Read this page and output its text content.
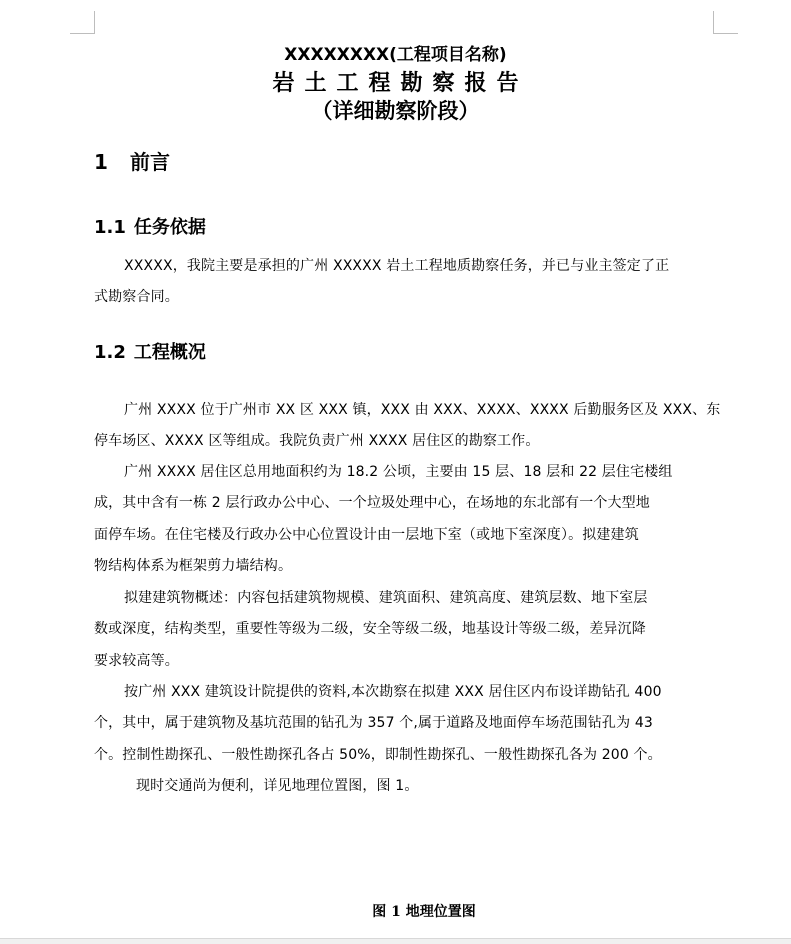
XXXXXXXX(工程项目名称)
岩土工程勘察报告
（详细勘察阶段）
1 前言
1.1 任务依据
XXXXX，我院主要是承担的广州 XXXXX 岩土工程地质勘察任务，并已与业主签定了正
式勘察合同。
1.2 工程概况
广州 XXXX 位于广州市 XX 区 XXX 镇，XXX 由 XXX、XXXX、XXXX 后勤服务区及 XXX、东
停车场区、XXXX 区等组成。我院负责广州 XXXX 居住区的勘察工作。
广州 XXXX 居住区总用地面积约为 18.2 公顷，主要由 15 层、18 层和 22 层住宅楼组
成，其中含有一栋 2 层行政办公中心、一个垃圾处理中心，在场地的东北部有一个大型地
面停车场。在住宅楼及行政办公中心位置设计由一层地下室（或地下室深度）。拟建建筑
物结构体系为框架剪力墙结构。
拟建建筑物概述：内容包括建筑物规模、建筑面积、建筑高度、建筑层数、地下室层
数或深度，结构类型，重要性等级为二级，安全等级二级，地基设计等级二级，差异沉降
要求较高等。
按广州 XXX 建筑设计院提供的资料,本次勘察在拟建 XXX 居住区内布设详勘钻孔 400
个，其中，属于建筑物及基坑范围的钻孔为 357 个,属于道路及地面停车场范围钻孔为 43
个。控制性勘探孔、一般性勘探孔各占 50%，即制性勘探孔、一般性勘探孔各为 200 个。
现时交通尚为便利，详见地理位置图，图 1。
图 1 地理位置图
